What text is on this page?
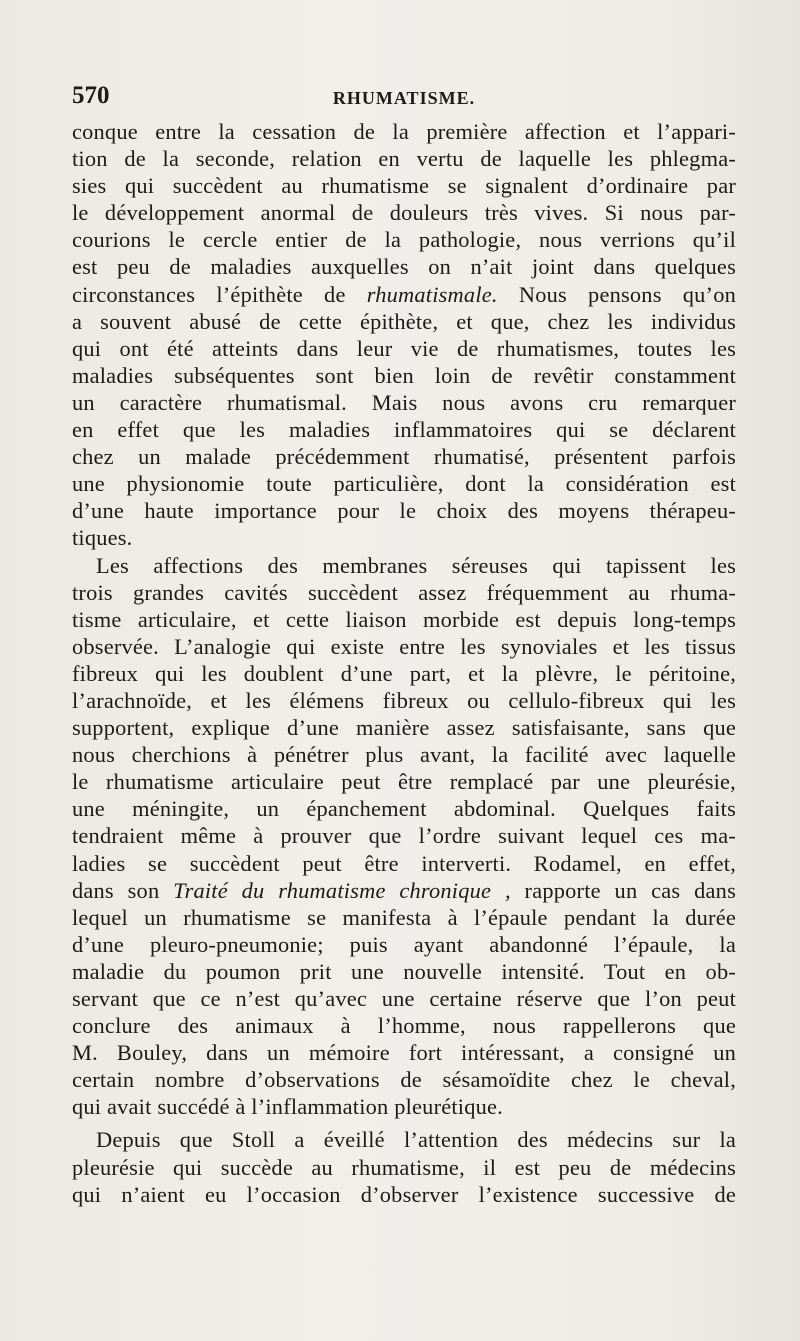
570	RHUMATISME.
conque entre la cessation de la première affection et l’appari-
tion de la seconde, relation en vertu de laquelle les phlegma-
sies qui succèdent au rhumatisme se signalent d’ordinaire par
le développement anormal de douleurs très vives. Si nous par-
courions le cercle entier de la pathologie, nous verrions qu’il
est peu de maladies auxquelles on n’ait joint dans quelques
circonstances l’épithète de rhumatismale. Nous pensons qu’on
a souvent abusé de cette épithète, et que, chez les individus
qui ont été atteints dans leur vie de rhumatismes, toutes les
maladies subséquentes sont bien loin de revêtir constamment
un caractère rhumatismal. Mais nous avons cru remarquer
en effet que les maladies inflammatoires qui se déclarent
chez un malade précédemment rhumatisé, présentent parfois
une physionomie toute particulière, dont la considération est
d’une haute importance pour le choix des moyens thérapeu-
tiques.
Les affections des membranes séreuses qui tapissent les
trois grandes cavités succèdent assez fréquemment au rhuma-
tisme articulaire, et cette liaison morbide est depuis long-temps
observée. L’analogie qui existe entre les synoviales et les tissus
fibreux qui les doublent d’une part, et la plèvre, le péritoine,
l’arachnoïde, et les élémens fibreux ou cellulo-fibreux qui les
supportent, explique d’une manière assez satisfaisante, sans que
nous cherchions à pénétrer plus avant, la facilité avec laquelle
le rhumatisme articulaire peut être remplacé par une pleurésie,
une méningite, un épanchement abdominal. Quelques faits
tendraient même à prouver que l’ordre suivant lequel ces ma-
ladies se succèdent peut être interverti. Rodamel, en effet,
dans son Traité du rhumatisme chronique , rapporte un cas dans
lequel un rhumatisme se manifesta à l’épaule pendant la durée
d’une pleuro-pneumonie; puis ayant abandonné l’épaule, la
maladie du poumon prit une nouvelle intensité. Tout en ob-
servant que ce n’est qu’avec une certaine réserve que l’on peut
conclure des animaux à l’homme, nous rappellerons que
M. Bouley, dans un mémoire fort intéressant, a consigné un
certain nombre d’observations de sésamoïdite chez le cheval,
qui avait succédé à l’inflammation pleurétique.
Depuis que Stoll a éveillé l’attention des médecins sur la
pleurésie qui succède au rhumatisme, il est peu de médecins
qui n’aient eu l’occasion d’observer l’existence successive de
